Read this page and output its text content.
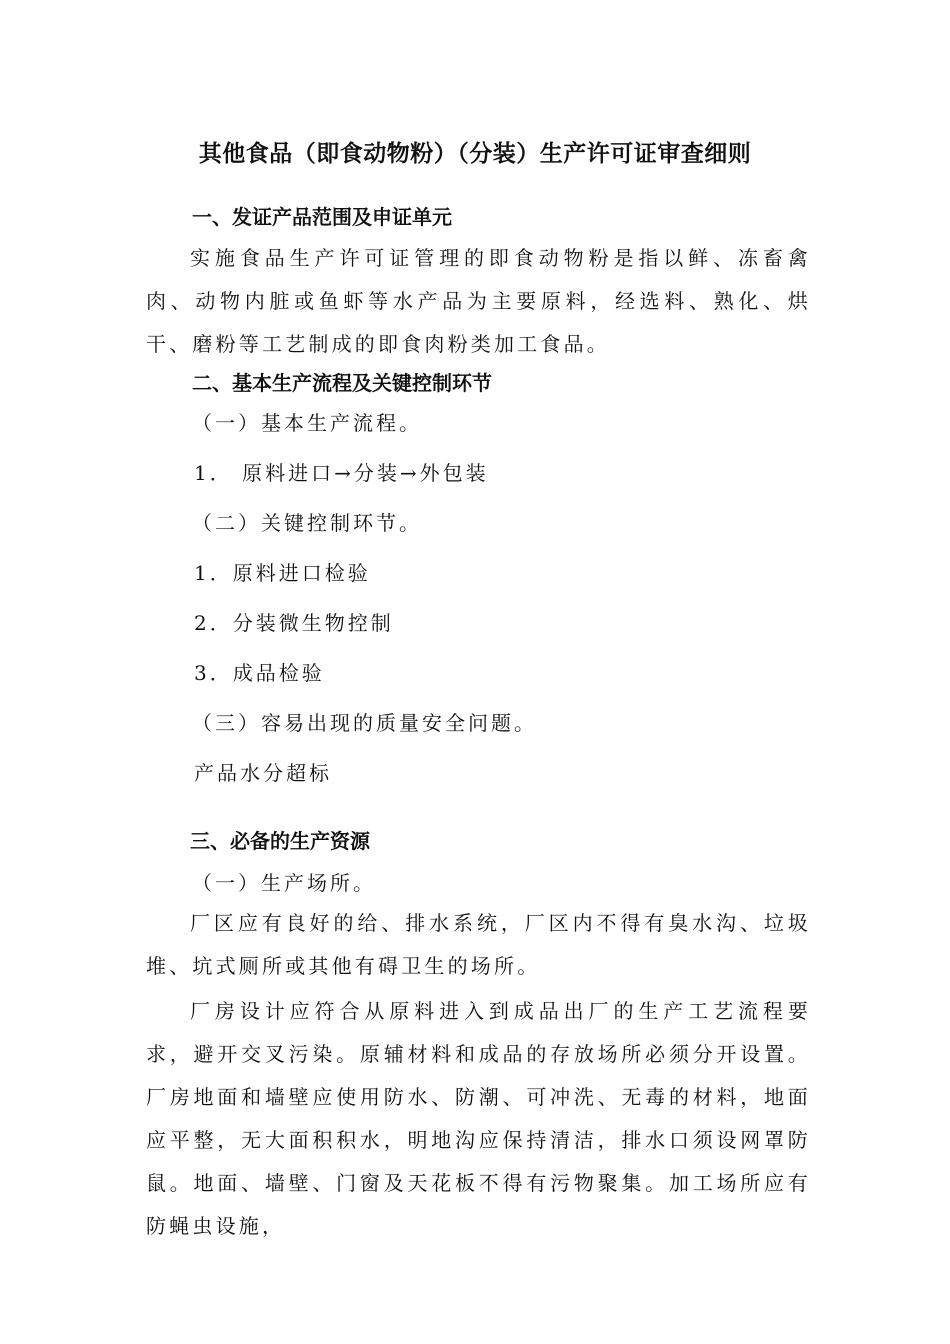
其他食品（即食动物粉）（分装）生产许可证审查细则
一、发证产品范围及申证单元

实施食品生产许可证管理的即食动物粉是指以鲜、冻畜禽肉、动物内脏或鱼虾等水产品为主要原料，经选料、熟化、烘干、磨粉等工艺制成的即食肉粉类加工食品。

二、基本生产流程及关键控制环节

（一）基本生产流程。

1． 原料进口→分装→外包装

（二）关键控制环节。

1．原料进口检验

2．分装微生物控制

3．成品检验

（三）容易出现的质量安全问题。

产品水分超标

三、必备的生产资源

（一）生产场所。

厂区应有良好的给、排水系统，厂区内不得有臭水沟、垃圾堆、坑式厕所或其他有碍卫生的场所。

厂房设计应符合从原料进入到成品出厂的生产工艺流程要求，避开交叉污染。原辅材料和成品的存放场所必须分开设置。厂房地面和墙壁应使用防水、防潮、可冲洗、无毒的材料，地面应平整，无大面积积水，明地沟应保持清洁，排水口须设网罩防鼠。地面、墙壁、门窗及天花板不得有污物聚集。加工场所应有防蝇虫设施，
